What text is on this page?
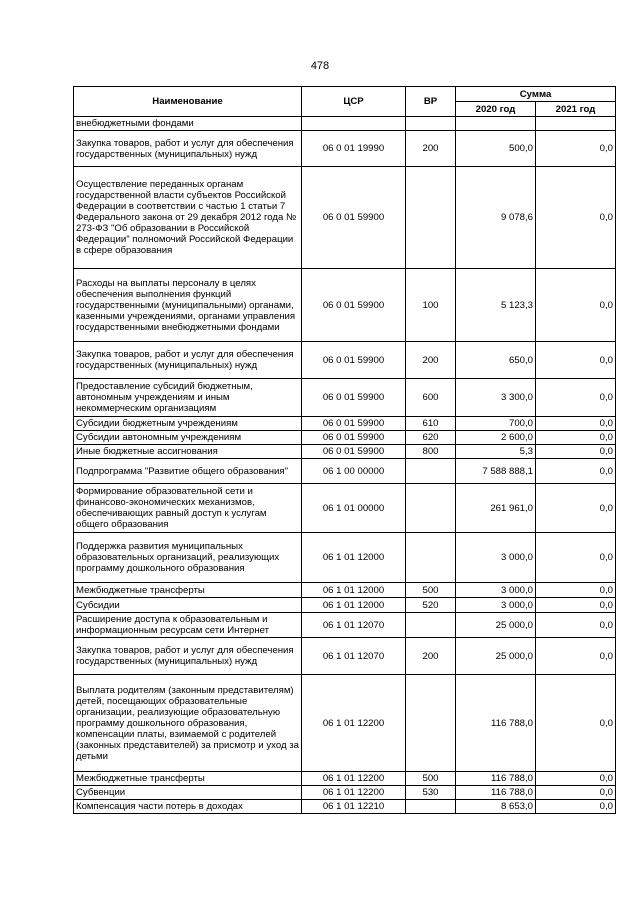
478
Наименование	ЦСР	ВР	Сумма	
			2020 год	2021 год
внебюджетными фондами				
Закупка товаров, работ и услуг для обеспечения государственных (муниципальных) нужд	06 0 01 19990	200	500,0	0,0
Осуществление переданных органам государственной власти субъектов Российской Федерации в соответствии с частью 1 статьи 7 Федерального закона от 29 декабря 2012 года № 273-ФЗ "Об образовании в Российской Федерации" полномочий Российской Федерации в сфере образования	06 0 01 59900		9 078,6	0,0
Расходы на выплаты персоналу в целях обеспечения выполнения функций государственными (муниципальными) органами, казенными учреждениями, органами управления государственными внебюджетными фондами	06 0 01 59900	100	5 123,3	0,0
Закупка товаров, работ и услуг для обеспечения государственных (муниципальных) нужд	06 0 01 59900	200	650,0	0,0
Предоставление субсидий бюджетным, автономным учреждениям и иным некоммерческим организациям	06 0 01 59900	600	3 300,0	0,0
Субсидии бюджетным учреждениям	06 0 01 59900	610	700,0	0,0
Субсидии автономным учреждениям	06 0 01 59900	620	2 600,0	0,0
Иные бюджетные ассигнования	06 0 01 59900	800	5,3	0,0
Подпрограмма "Развитие общего образования"	06 1 00 00000		7 588 888,1	0,0
Формирование образовательной сети и финансово-экономических механизмов, обеспечивающих равный доступ к услугам общего образования	06 1 01 00000		261 961,0	0,0
Поддержка развития муниципальных образовательных организаций, реализующих программу дошкольного образования	06 1 01 12000		3 000,0	0,0
Межбюджетные трансферты	06 1 01 12000	500	3 000,0	0,0
Субсидии	06 1 01 12000	520	3 000,0	0,0
Расширение доступа к образовательным и информационным ресурсам сети Интернет	06 1 01 12070		25 000,0	0,0
Закупка товаров, работ и услуг для обеспечения государственных (муниципальных) нужд	06 1 01 12070	200	25 000,0	0,0
Выплата родителям (законным представителям) детей, посещающих образовательные организации, реализующие образовательную программу дошкольного образования, компенсации платы, взимаемой с родителей (законных представителей) за присмотр и уход за детьми	06 1 01 12200		116 788,0	0,0
Межбюджетные трансферты	06 1 01 12200	500	116 788,0	0,0
Субвенции	06 1 01 12200	530	116 788,0	0,0
Компенсация части потерь в доходах	06 1 01 12210		8 653,0	0,0
